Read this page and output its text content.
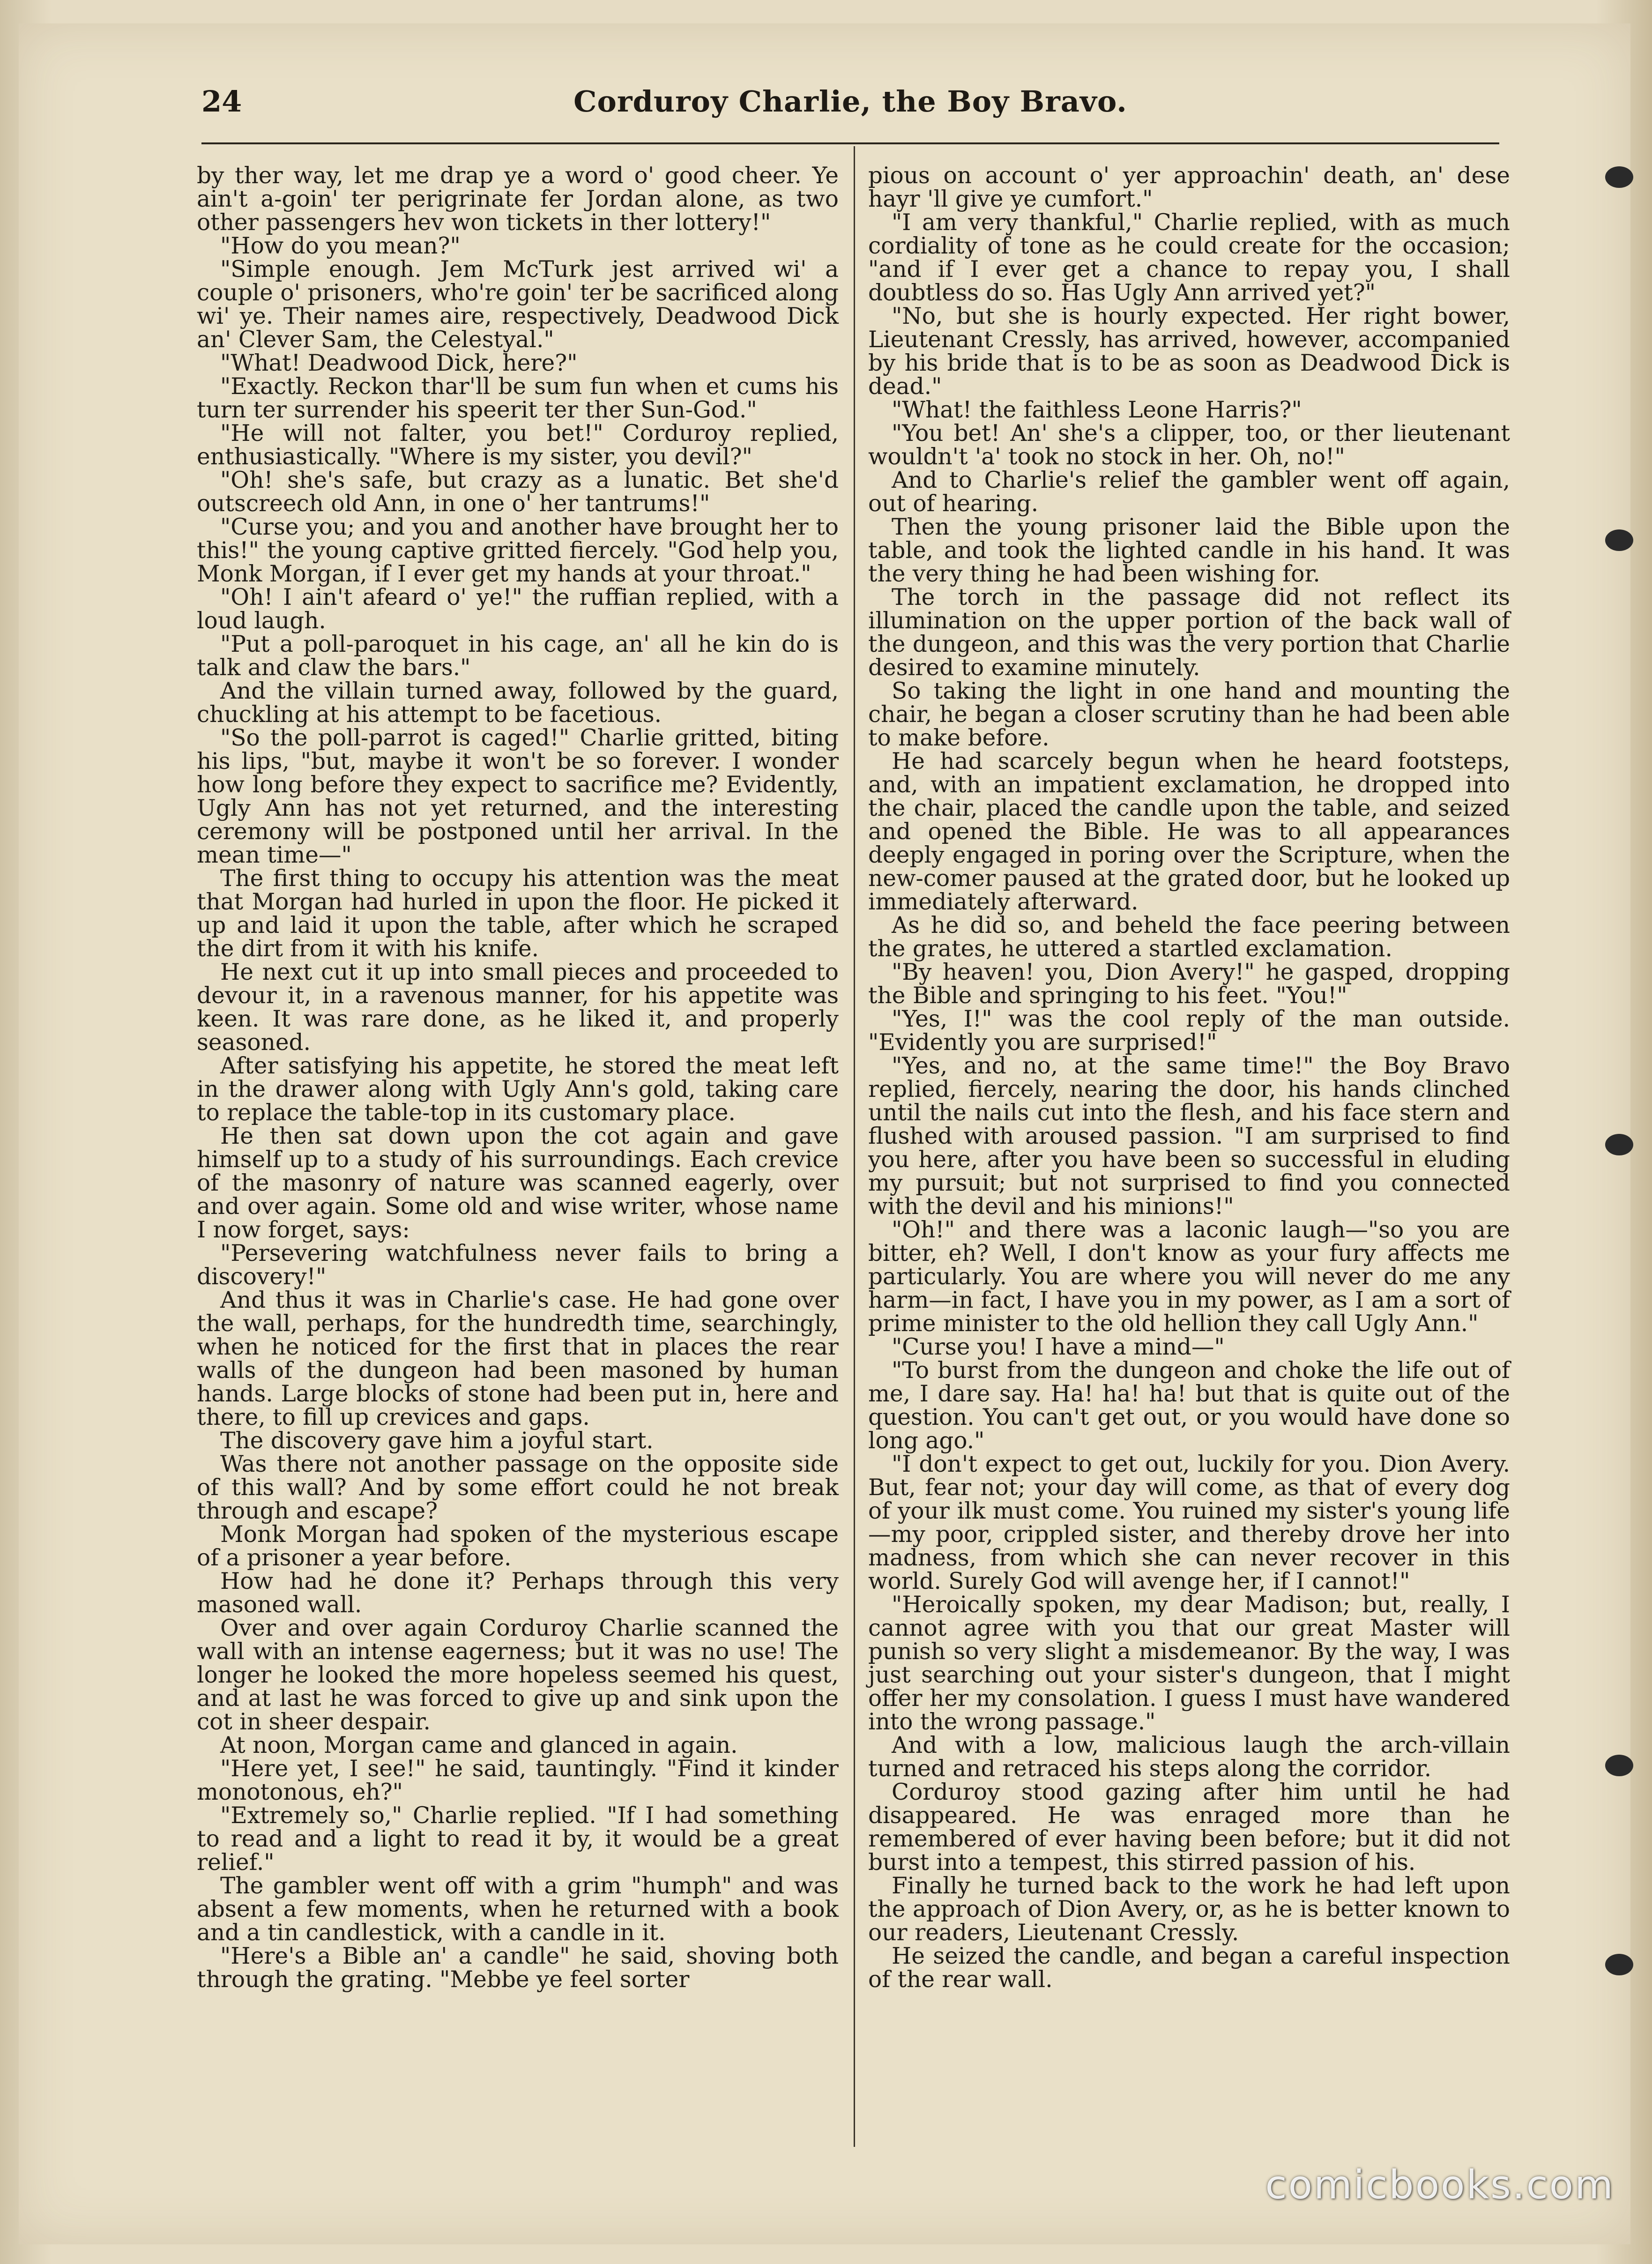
24	Corduroy Charlie, the Boy Bravo.

by ther way, let me drap ye a word o' good cheer. Ye ain't a-goin' ter perigrinate fer Jordan alone, as two other passengers hev won tickets in ther lottery!"

"How do you mean?"

"Simple enough. Jem McTurk jest arrived wi' a couple o' prisoners, who're goin' ter be sacrificed along wi' ye. Their names aire, respectively, Deadwood Dick an' Clever Sam, the Celestyal."

"What! Deadwood Dick, here?"

"Exactly. Reckon thar'll be sum fun when et cums his turn ter surrender his speerit ter ther Sun-God."

"He will not falter, you bet!" Corduroy replied, enthusiastically. "Where is my sister, you devil?"

"Oh! she's safe, but crazy as a lunatic. Bet she'd outscreech old Ann, in one o' her tantrums!"

"Curse you; and you and another have brought her to this!" the young captive gritted fiercely. "God help you, Monk Morgan, if I ever get my hands at your throat."

"Oh! I ain't afeard o' ye!" the ruffian replied, with a loud laugh.

"Put a poll-paroquet in his cage, an' all he kin do is talk and claw the bars."

And the villain turned away, followed by the guard, chuckling at his attempt to be facetious.

"So the poll-parrot is caged!" Charlie gritted, biting his lips, "but, maybe it won't be so forever. I wonder how long before they expect to sacrifice me? Evidently, Ugly Ann has not yet returned, and the interesting ceremony will be postponed until her arrival. In the mean time—"

The first thing to occupy his attention was the meat that Morgan had hurled in upon the floor. He picked it up and laid it upon the table, after which he scraped the dirt from it with his knife.

He next cut it up into small pieces and proceeded to devour it, in a ravenous manner, for his appetite was keen. It was rare done, as he liked it, and properly seasoned.

After satisfying his appetite, he stored the meat left in the drawer along with Ugly Ann's gold, taking care to replace the table-top in its customary place.

He then sat down upon the cot again and gave himself up to a study of his surroundings. Each crevice of the masonry of nature was scanned eagerly, over and over again. Some old and wise writer, whose name I now forget, says:

"Persevering watchfulness never fails to bring a discovery!"

And thus it was in Charlie's case. He had gone over the wall, perhaps, for the hundredth time, searchingly, when he noticed for the first that in places the rear walls of the dungeon had been masoned by human hands. Large blocks of stone had been put in, here and there, to fill up crevices and gaps.

The discovery gave him a joyful start.

Was there not another passage on the opposite side of this wall? And by some effort could he not break through and escape?

Monk Morgan had spoken of the mysterious escape of a prisoner a year before.

How had he done it? Perhaps through this very masoned wall.

Over and over again Corduroy Charlie scanned the wall with an intense eagerness; but it was no use! The longer he looked the more hopeless seemed his quest, and at last he was forced to give up and sink upon the cot in sheer despair.

At noon, Morgan came and glanced in again.

"Here yet, I see!" he said, tauntingly. "Find it kinder monotonous, eh?"

"Extremely so," Charlie replied. "If I had something to read and a light to read it by, it would be a great relief."

The gambler went off with a grim "humph" and was absent a few moments, when he returned with a book and a tin candlestick, with a candle in it.

"Here's a Bible an' a candle" he said, shoving both through the grating. "Mebbe ye feel sorter

pious on account o' yer approachin' death, an' dese hayr 'll give ye cumfort."

"I am very thankful," Charlie replied, with as much cordiality of tone as he could create for the occasion; "and if I ever get a chance to repay you, I shall doubtless do so. Has Ugly Ann arrived yet?"

"No, but she is hourly expected. Her right bower, Lieutenant Cressly, has arrived, however, accompanied by his bride that is to be as soon as Deadwood Dick is dead."

"What! the faithless Leone Harris?"

"You bet! An' she's a clipper, too, or ther lieutenant wouldn't 'a' took no stock in her. Oh, no!"

And to Charlie's relief the gambler went off again, out of hearing.

Then the young prisoner laid the Bible upon the table, and took the lighted candle in his hand. It was the very thing he had been wishing for.

The torch in the passage did not reflect its illumination on the upper portion of the back wall of the dungeon, and this was the very portion that Charlie desired to examine minutely.

So taking the light in one hand and mounting the chair, he began a closer scrutiny than he had been able to make before.

He had scarcely begun when he heard footsteps, and, with an impatient exclamation, he dropped into the chair, placed the candle upon the table, and seized and opened the Bible. He was to all appearances deeply engaged in poring over the Scripture, when the new-comer paused at the grated door, but he looked up immediately afterward.

As he did so, and beheld the face peering between the grates, he uttered a startled exclamation.

"By heaven! you, Dion Avery!" he gasped, dropping the Bible and springing to his feet. "You!"

"Yes, I!" was the cool reply of the man outside. "Evidently you are surprised!"

"Yes, and no, at the same time!" the Boy Bravo replied, fiercely, nearing the door, his hands clinched until the nails cut into the flesh, and his face stern and flushed with aroused passion. "I am surprised to find you here, after you have been so successful in eluding my pursuit; but not surprised to find you connected with the devil and his minions!"

"Oh!" and there was a laconic laugh—"so you are bitter, eh? Well, I don't know as your fury affects me particularly. You are where you will never do me any harm—in fact, I have you in my power, as I am a sort of prime minister to the old hellion they call Ugly Ann."

"Curse you! I have a mind—"

"To burst from the dungeon and choke the life out of me, I dare say. Ha! ha! ha! but that is quite out of the question. You can't get out, or you would have done so long ago."

"I don't expect to get out, luckily for you. Dion Avery. But, fear not; your day will come, as that of every dog of your ilk must come. You ruined my sister's young life—my poor, crippled sister, and thereby drove her into madness, from which she can never recover in this world. Surely God will avenge her, if I cannot!"

"Heroically spoken, my dear Madison; but, really, I cannot agree with you that our great Master will punish so very slight a misdemeanor. By the way, I was just searching out your sister's dungeon, that I might offer her my consolation. I guess I must have wandered into the wrong passage."

And with a low, malicious laugh the arch-villain turned and retraced his steps along the corridor.

Corduroy stood gazing after him until he had disappeared. He was enraged more than he remembered of ever having been before; but it did not burst into a tempest, this stirred passion of his.

Finally he turned back to the work he had left upon the approach of Dion Avery, or, as he is better known to our readers, Lieutenant Cressly.

He seized the candle, and began a careful inspection of the rear wall.

comicbooks.com
